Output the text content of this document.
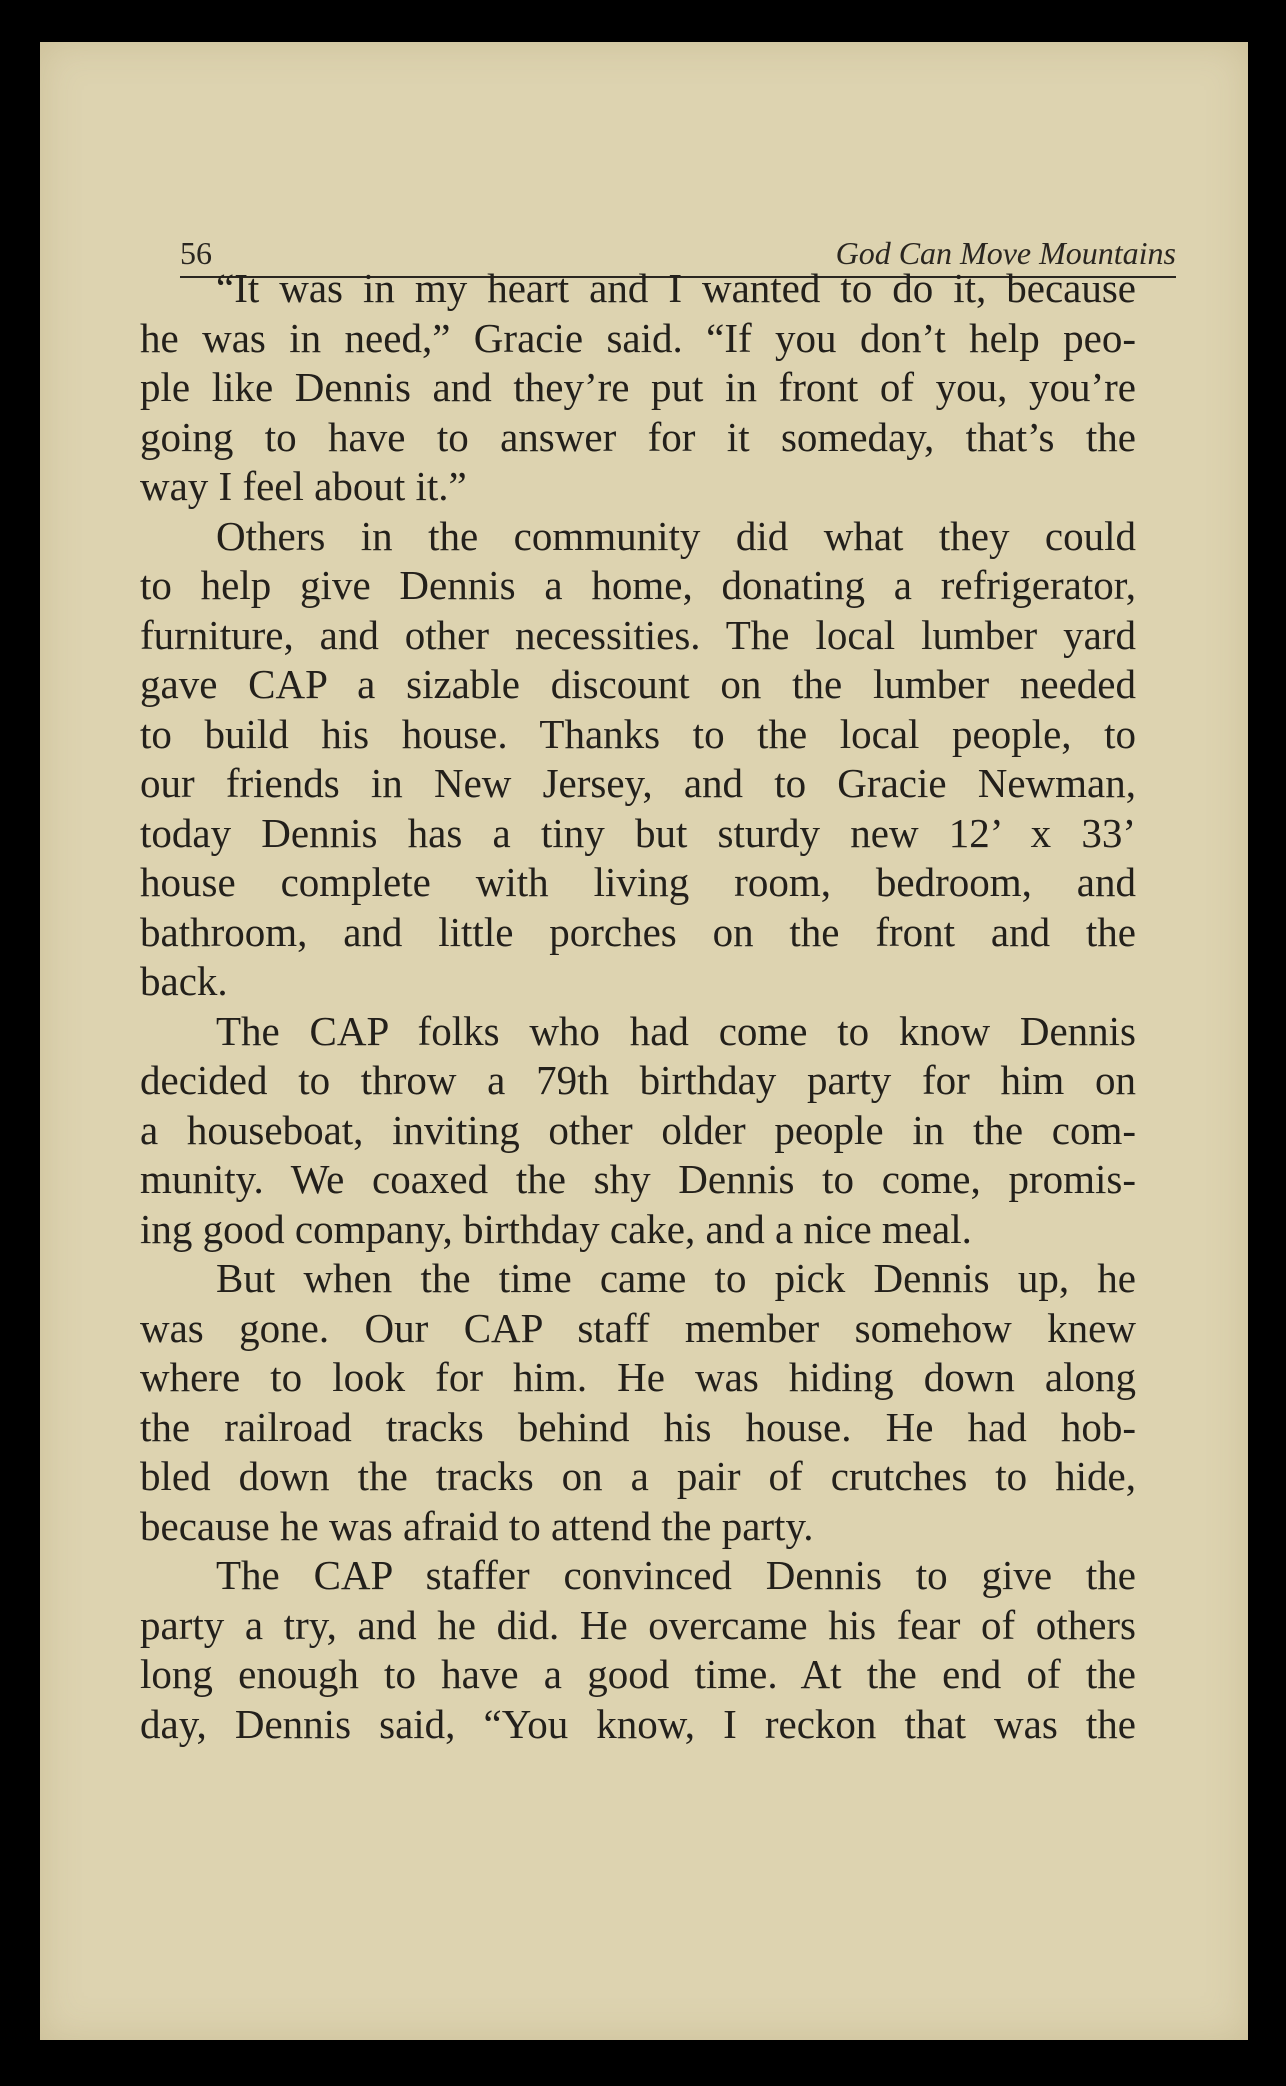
56	God Can Move Mountains
“It was in my heart and I wanted to do it, because
he was in need,” Gracie said. “If you don’t help peo-
ple like Dennis and they’re put in front of you, you’re
going to have to answer for it someday, that’s the
way I feel about it.”
Others in the community did what they could
to help give Dennis a home, donating a refrigerator,
furniture, and other necessities. The local lumber yard
gave CAP a sizable discount on the lumber needed
to build his house. Thanks to the local people, to
our friends in New Jersey, and to Gracie Newman,
today Dennis has a tiny but sturdy new 12’ x 33’
house complete with living room, bedroom, and
bathroom, and little porches on the front and the
back.
The CAP folks who had come to know Dennis
decided to throw a 79th birthday party for him on
a houseboat, inviting other older people in the com-
munity. We coaxed the shy Dennis to come, promis-
ing good company, birthday cake, and a nice meal.
But when the time came to pick Dennis up, he
was gone. Our CAP staff member somehow knew
where to look for him. He was hiding down along
the railroad tracks behind his house. He had hob-
bled down the tracks on a pair of crutches to hide,
because he was afraid to attend the party.
The CAP staffer convinced Dennis to give the
party a try, and he did. He overcame his fear of others
long enough to have a good time. At the end of the
day, Dennis said, “You know, I reckon that was the
